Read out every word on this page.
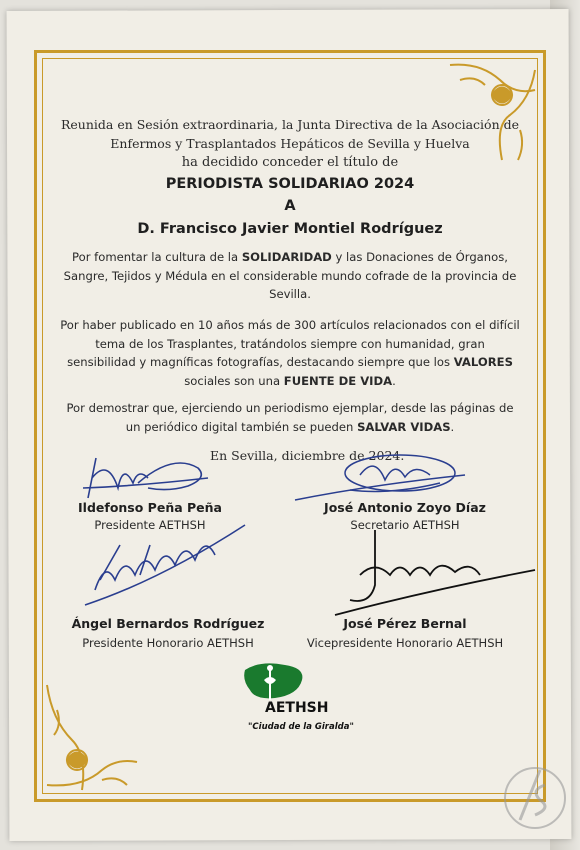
Reunida en Sesión extraordinaria, la Junta Directiva de la Asociación de
Enfermos y Trasplantados Hepáticos de Sevilla y Huelva
ha decidido conceder el título de
PERIODISTA SOLIDARIAO 2024
A
D. Francisco Javier Montiel Rodríguez
Por fomentar la cultura de la SOLIDARIDAD y las Donaciones de Órganos, Sangre, Tejidos y Médula en el considerable mundo cofrade de la provincia de Sevilla.
Por haber publicado en 10 años más de 300 artículos relacionados con el difícil tema de los Trasplantes, tratándolos siempre con humanidad, gran sensibilidad y magníficas fotografías, destacando siempre que los VALORES sociales son una FUENTE DE VIDA.
Por demostrar que, ejerciendo un periodismo ejemplar, desde las páginas de un periódico digital también se pueden SALVAR VIDAS.
En Sevilla, diciembre de 2024.
Ildefonso Peña Peña
Presidente AETHSH
José Antonio Zoyo Díaz
Secretario AETHSH
Ángel Bernardos Rodríguez
Presidente Honorario AETHSH
José Pérez Bernal
Vicepresidente Honorario AETHSH
AETHSH
"Ciudad de la Giralda"
